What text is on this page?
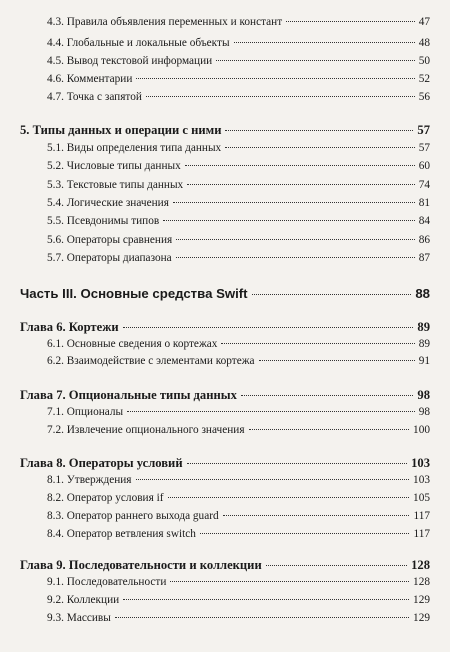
4.3. Правила объявления переменных и констант	47
4.4. Глобальные и локальные объекты	48
4.5. Вывод текстовой информации	50
4.6. Комментарии	52
4.7. Точка с запятой	56
5. Типы данных и операции с ними	57
5.1. Виды определения типа данных	57
5.2. Числовые типы данных	60
5.3. Текстовые типы данных	74
5.4. Логические значения	81
5.5. Псевдонимы типов	84
5.6. Операторы сравнения	86
5.7. Операторы диапазона	87
Часть III. Основные средства Swift	88
Глава 6. Кортежи	89
6.1. Основные сведения о кортежах	89
6.2. Взаимодействие с элементами кортежа	91
Глава 7. Опциональные типы данных	98
7.1. Опционалы	98
7.2. Извлечение опционального значения	100
Глава 8. Операторы условий	103
8.1. Утверждения	103
8.2. Оператор условия if	105
8.3. Оператор раннего выхода guard	117
8.4. Оператор ветвления switch	117
Глава 9. Последовательности и коллекции	128
9.1. Последовательности	128
9.2. Коллекции	129
9.3. Массивы	129
